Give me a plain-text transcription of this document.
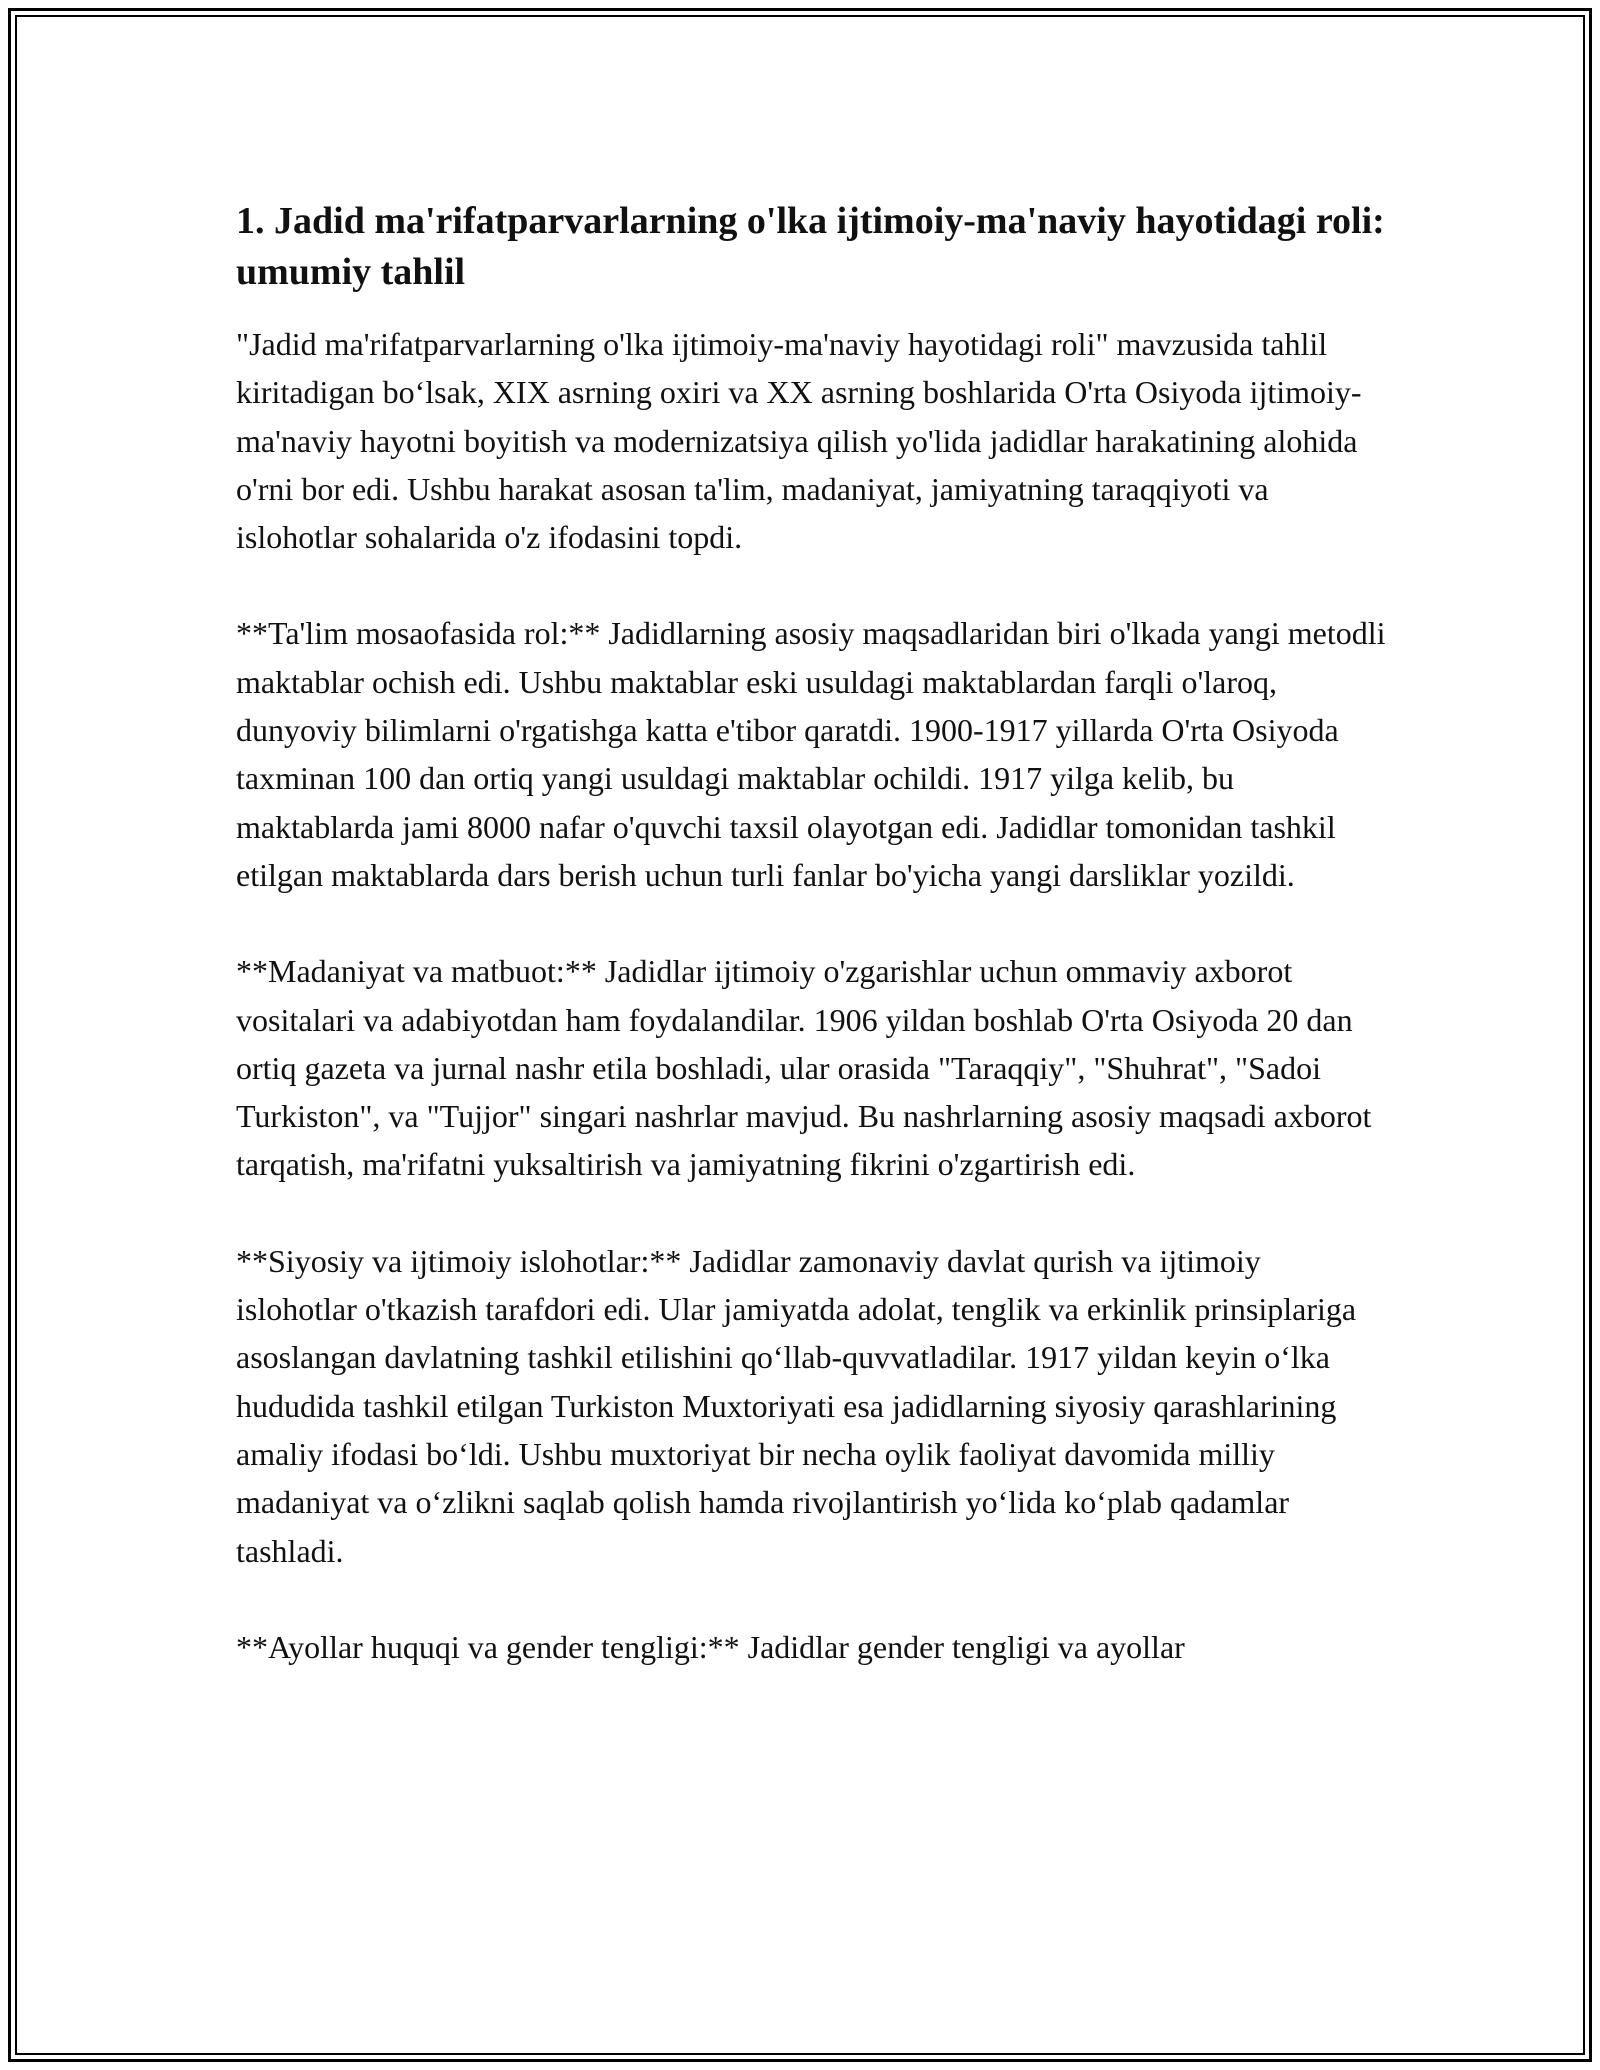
1. Jadid ma'rifatparvarlarning o'lka ijtimoiy-ma'naviy hayotidagi roli: umumiy tahlil

"Jadid ma'rifatparvarlarning o'lka ijtimoiy-ma'naviy hayotidagi roli" mavzusida tahlil kiritadigan bo‘lsak, XIX asrning oxiri va XX asrning boshlarida O'rta Osiyoda ijtimoiy-ma'naviy hayotni boyitish va modernizatsiya qilish yo'lida jadidlar harakatining alohida o'rni bor edi. Ushbu harakat asosan ta'lim, madaniyat, jamiyatning taraqqiyoti va islohotlar sohalarida o'z ifodasini topdi.

**Ta'lim mosaofasida rol:** Jadidlarning asosiy maqsadlaridan biri o'lkada yangi metodli maktablar ochish edi. Ushbu maktablar eski usuldagi maktablardan farqli o'laroq, dunyoviy bilimlarni o'rgatishga katta e'tibor qaratdi. 1900-1917 yillarda O'rta Osiyoda taxminan 100 dan ortiq yangi usuldagi maktablar ochildi. 1917 yilga kelib, bu maktablarda jami 8000 nafar o'quvchi taxsil olayotgan edi. Jadidlar tomonidan tashkil etilgan maktablarda dars berish uchun turli fanlar bo'yicha yangi darsliklar yozildi.

**Madaniyat va matbuot:** Jadidlar ijtimoiy o'zgarishlar uchun ommaviy axborot vositalari va adabiyotdan ham foydalandilar. 1906 yildan boshlab O'rta Osiyoda 20 dan ortiq gazeta va jurnal nashr etila boshladi, ular orasida "Taraqqiy", "Shuhrat", "Sadoi Turkiston", va "Tujjor" singari nashrlar mavjud. Bu nashrlarning asosiy maqsadi axborot tarqatish, ma'rifatni yuksaltirish va jamiyatning fikrini o'zgartirish edi.

**Siyosiy va ijtimoiy islohotlar:** Jadidlar zamonaviy davlat qurish va ijtimoiy islohotlar o'tkazish tarafdori edi. Ular jamiyatda adolat, tenglik va erkinlik prinsiplariga asoslangan davlatning tashkil etilishini qo‘llab-quvvatladilar. 1917 yildan keyin o‘lka hududida tashkil etilgan Turkiston Muxtoriyati esa jadidlarning siyosiy qarashlarining amaliy ifodasi bo‘ldi. Ushbu muxtoriyat bir necha oylik faoliyat davomida milliy madaniyat va o‘zlikni saqlab qolish hamda rivojlantirish yo‘lida ko‘plab qadamlar tashladi.

**Ayollar huquqi va gender tengligi:** Jadidlar gender tengligi va ayollar
